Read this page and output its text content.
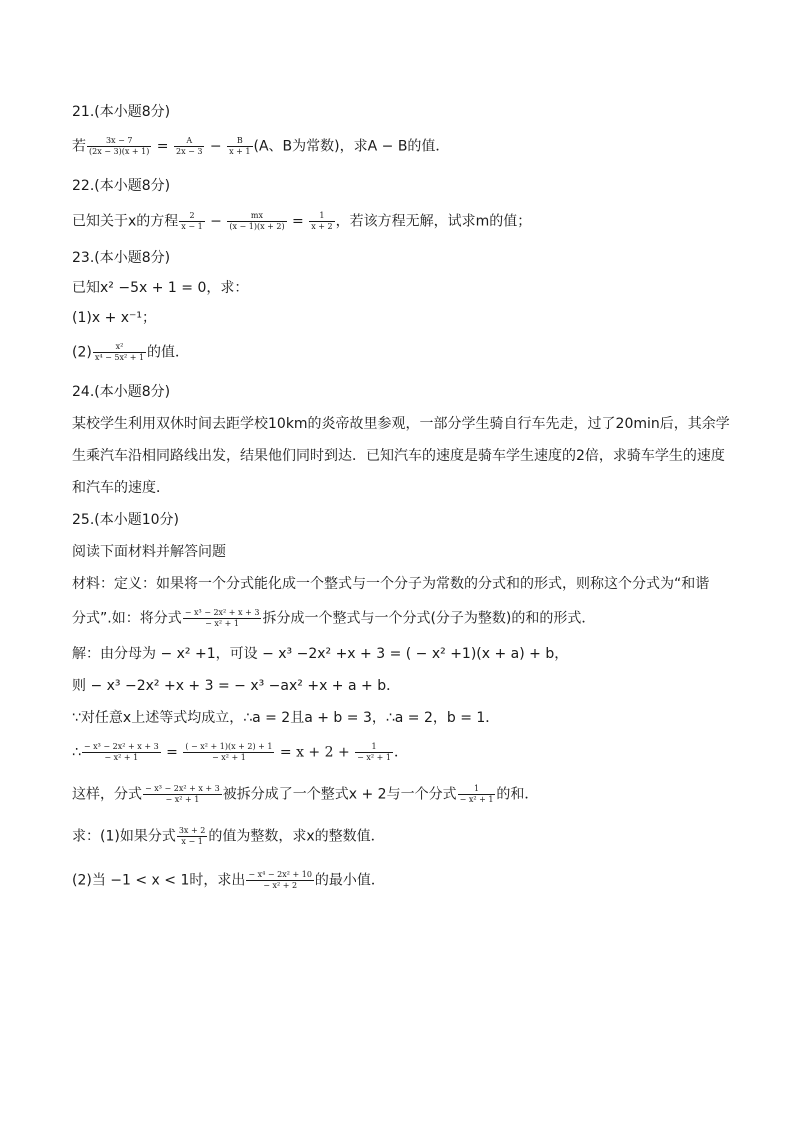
21.(本小题8分)
若 $\frac{3x - 7}{(2x - 3)(x + 1)} = \frac{A}{2x - 3} - \frac{B}{x + 1} (A$、B为常数)，求A − B的值．
22.(本小题8分)
已知关于x的方程 $\frac{2}{x - 1} - \frac{mx}{(x - 1)(x + 2)} = \frac{1}{x + 2}$ ，若该方程无解，试求m的值；
23.(本小题8分)
已知x² −5x + 1 = 0，求：
(1)x + x⁻¹；
$(2) \frac{\text{x²}}{\text{x⁴ − 5x² + 1}}$ 的值．
24.(本小题8分)
某校学生利用双休时间去距学校10km的炎帝故里参观，一部分学生骑自行车先走，过了20min后，其余学
生乘汽车沿相同路线出发，结果他们同时到达．已知汽车的速度是骑车学生速度的2倍，求骑车学生的速度
和汽车的速度．
25.(本小题10分)
阅读下面材料并解答问题
材料：定义：如果将一个分式能化成一个整式与一个分子为常数的分式和的形式，则称这个分式为“和谐
分式”.如：将分式 $\frac{\text{− x³ − 2x² + x + 3}}{\text{− x² + 1}}$ 拆分成一个整式与一个分式(分子为整数)的和的形式．
解：由分母为 − x² +1，可设 − x³ −2x² +x + 3 = ( − x² +1)(x + a) + b，
则 − x³ −2x² +x + 3 = − x³ −ax² +x + a + b．
∵对任意x上述等式均成立，∴a = 2且a + b = 3，∴a = 2，b = 1．
∴ $\frac{\text{− x³ − 2x² + x + 3}}{\text{− x² + 1}} = \frac{\text{( − x² + 1)(x + 2) + 1}}{\text{− x² + 1}} = x + 2 + \frac{1}{\text{− x² + 1}}$ ．
这样，分式 $\frac{\text{− x³ − 2x² + x + 3}}{\text{− x² + 1}}$ 被拆分成了一个整式x + 2与一个分式 $\frac{1}{\text{− x² + 1}}$ 的和．
求：(1)如果分式 $\frac{3x + 2}{x - 1}$ 的值为整数，求x的整数值．
(2)当 −1 < x < 1时，求出 $\frac{\text{− x⁴ − 2x² + 10}}{\text{− x² + 2}}$ 的最小值．
